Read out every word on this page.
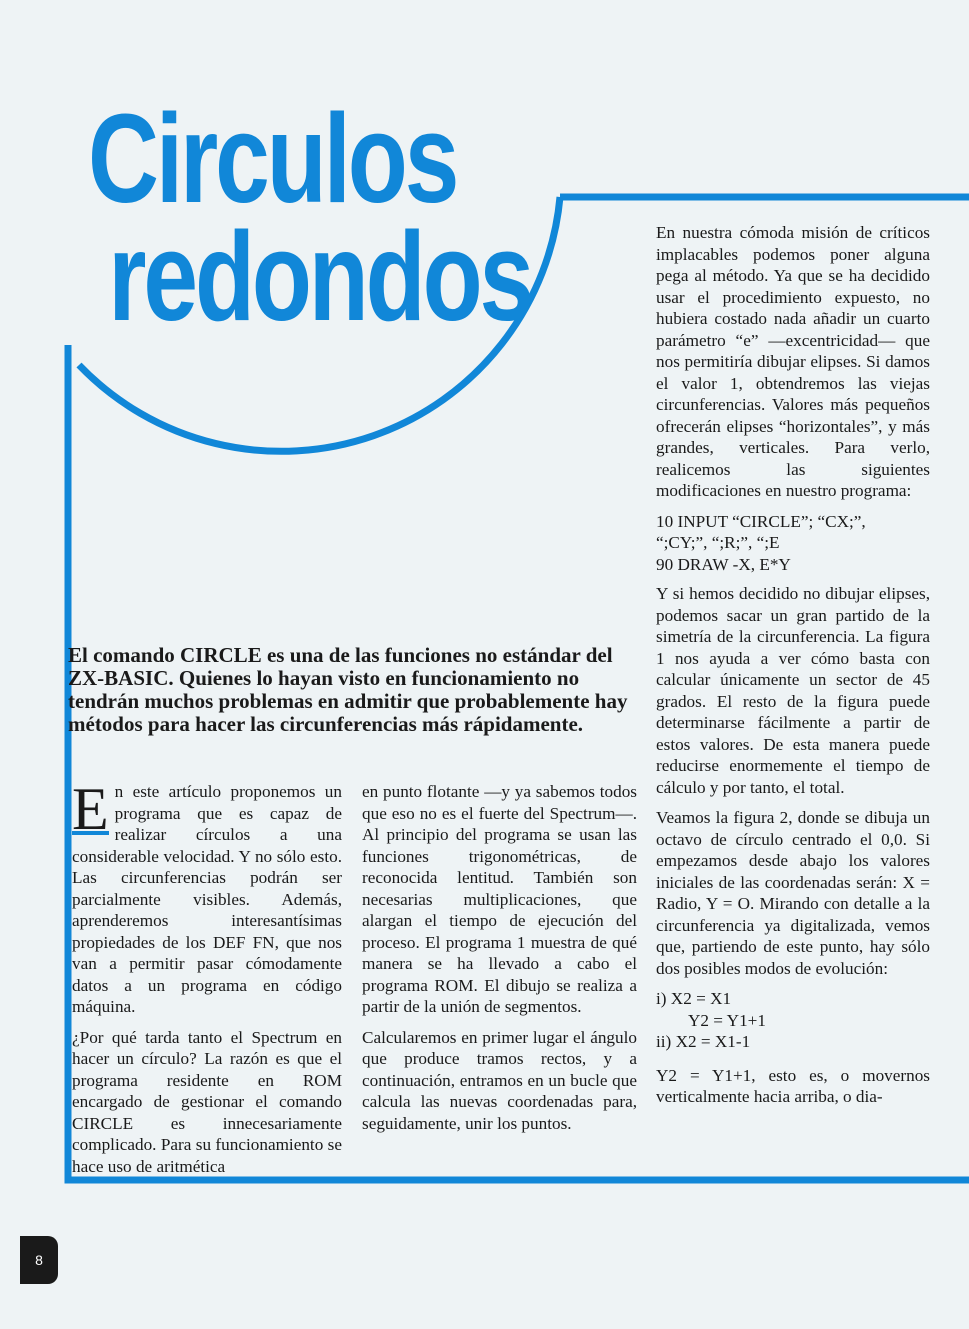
Circulos
redondos

El comando CIRCLE es una de las funciones no estándar del ZX-BASIC. Quienes lo hayan visto en funcionamiento no tendrán muchos problemas en admitir que probablemente hay métodos para hacer las circunferencias más rápidamente.

E n este artículo proponemos un programa que es capaz de realizar círculos a una considerable velocidad. Y no sólo esto. Las circunferencias podrán ser parcialmente visibles. Además, aprenderemos interesantísimas propiedades de los DEF FN, que nos van a permitir pasar cómodamente datos a un programa en código máquina.

¿Por qué tarda tanto el Spectrum en hacer un círculo? La razón es que el programa residente en ROM encargado de gestionar el comando CIRCLE es innecesariamente complicado. Para su funcionamiento se hace uso de aritmética

en punto flotante —y ya sabemos todos que eso no es el fuerte del Spectrum—. Al principio del programa se usan las funciones trigonométricas, de reconocida lentitud. También son necesarias multiplicaciones, que alargan el tiempo de ejecución del proceso. El programa 1 muestra de qué manera se ha llevado a cabo el programa ROM. El dibujo se realiza a partir de la unión de segmentos.

Calcularemos en primer lugar el ángulo que produce tramos rectos, y a continuación, entramos en un bucle que calcula las nuevas coordenadas para, seguidamente, unir los puntos.

En nuestra cómoda misión de críticos implacables podemos poner alguna pega al método. Ya que se ha decidido usar el procedimiento expuesto, no hubiera costado nada añadir un cuarto parámetro “e” —excentricidad— que nos permitiría dibujar elipses. Si damos el valor 1, obtendremos las viejas circunferencias. Valores más pequeños ofrecerán elipses “horizontales”, y más grandes, verticales. Para verlo, realicemos las siguientes modificaciones en nuestro programa:

10 INPUT “CIRCLE”; “CX;”,
“;CY;”, “;R;”, “;E
90 DRAW -X, E*Y

Y si hemos decidido no dibujar elipses, podemos sacar un gran partido de la simetría de la circunferencia. La figura 1 nos ayuda a ver cómo basta con calcular únicamente un sector de 45 grados. El resto de la figura puede determinarse fácilmente a partir de estos valores. De esta manera puede reducirse enormemente el tiempo de cálculo y por tanto, el total.

Veamos la figura 2, donde se dibuja un octavo de círculo centrado el 0,0. Si empezamos desde abajo los valores iniciales de las coordenadas serán: X = Radio, Y = O. Mirando con detalle a la circunferencia ya digitalizada, vemos que, partiendo de este punto, hay sólo dos posibles modos de evolución:

i) X2 = X1
Y2 = Y1+1
ii) X2 = X1-1

Y2 = Y1+1, esto es, o movernos verticalmente hacia arriba, o dia-

8
